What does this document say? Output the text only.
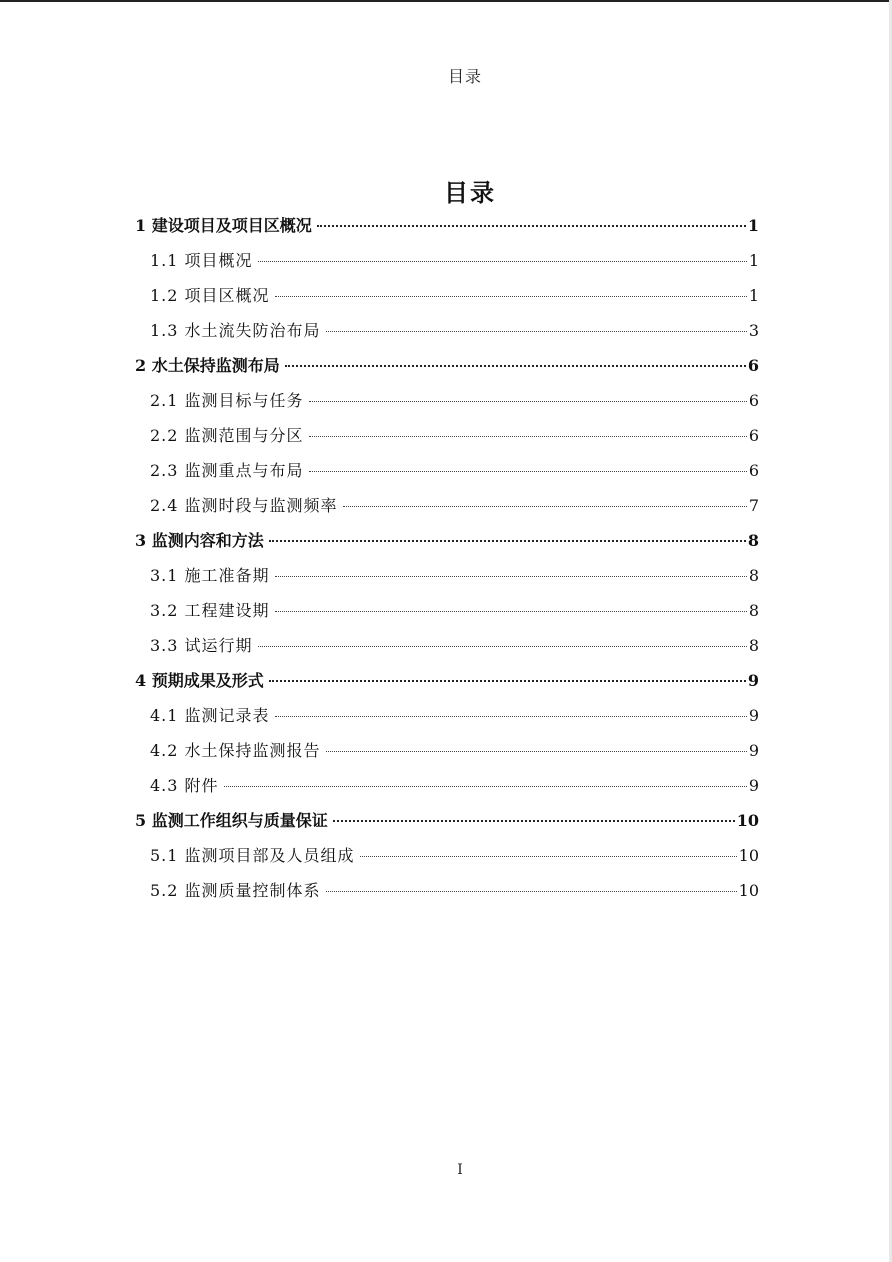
目录
目录
1 建设项目及项目区概况	1
1.1 项目概况	1
1.2 项目区概况	1
1.3 水土流失防治布局	3
2 水土保持监测布局	6
2.1 监测目标与任务	6
2.2 监测范围与分区	6
2.3 监测重点与布局	6
2.4 监测时段与监测频率	7
3 监测内容和方法	8
3.1 施工准备期	8
3.2 工程建设期	8
3.3 试运行期	8
4 预期成果及形式	9
4.1 监测记录表	9
4.2 水土保持监测报告	9
4.3 附件	9
5 监测工作组织与质量保证	10
5.1 监测项目部及人员组成	10
5.2 监测质量控制体系	10
I
